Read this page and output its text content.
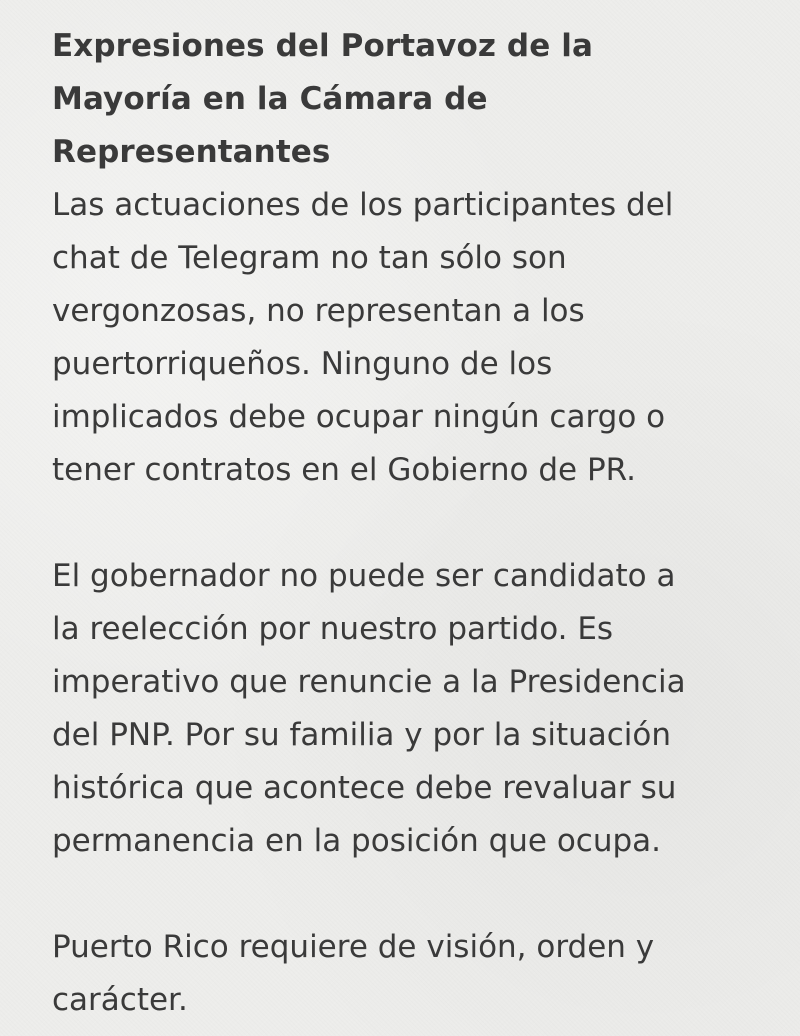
Expresiones del Portavoz de la
Mayoría en la Cámara de
Representantes
Las actuaciones de los participantes del
chat de Telegram no tan sólo son
vergonzosas, no representan a los
puertorriqueños. Ninguno de los
implicados debe ocupar ningún cargo o
tener contratos en el Gobierno de PR.
El gobernador no puede ser candidato a
la reelección por nuestro partido. Es
imperativo que renuncie a la Presidencia
del PNP. Por su familia y por la situación
histórica que acontece debe revaluar su
permanencia en la posición que ocupa.
Puerto Rico requiere de visión, orden y
carácter.
